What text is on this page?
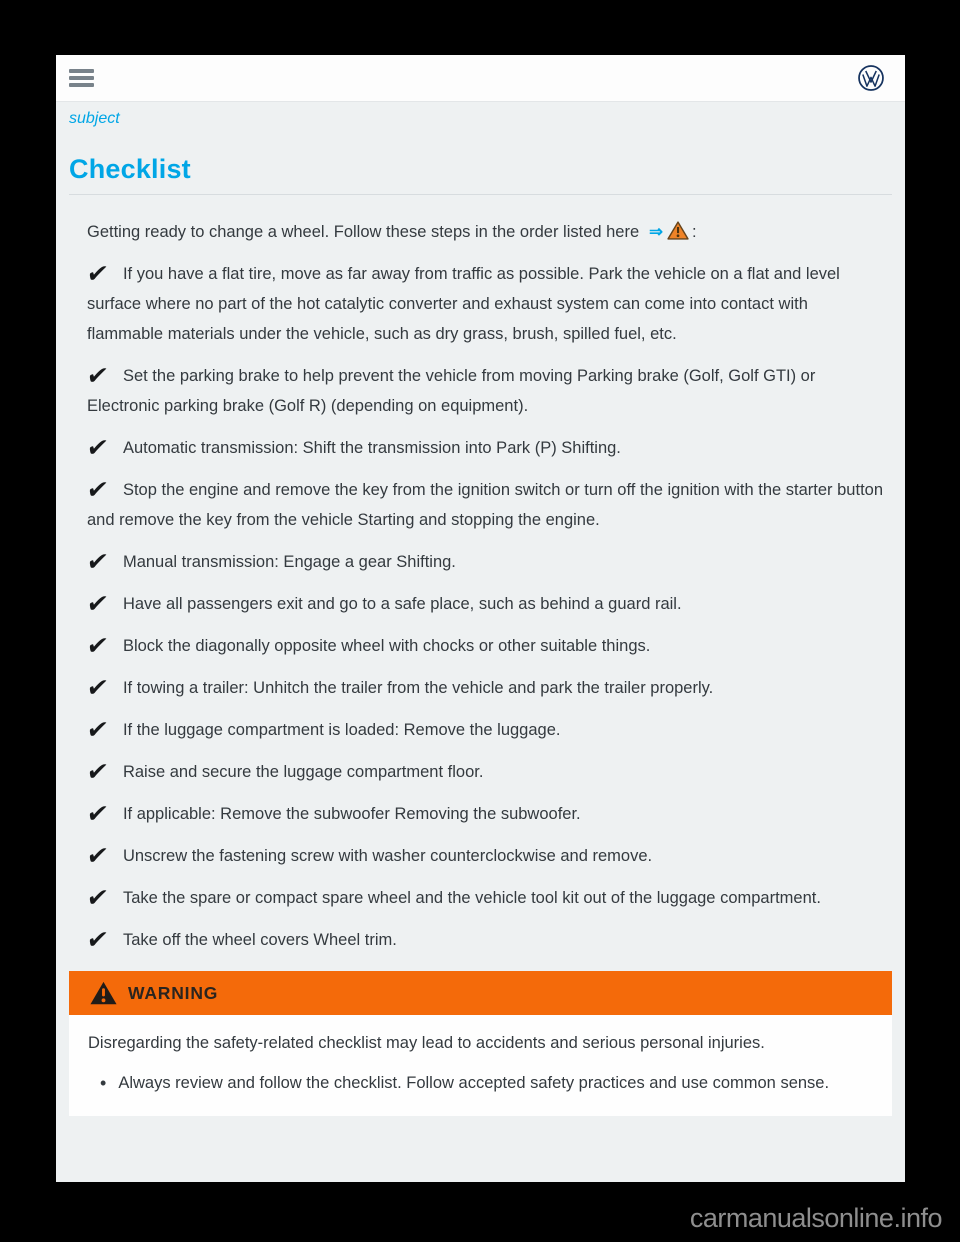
subject
Checklist

Getting ready to change a wheel. Follow these steps in the order listed here ⇒ :

✔ If you have a flat tire, move as far away from traffic as possible. Park the vehicle on a flat and level surface where no part of the hot catalytic converter and exhaust system can come into contact with flammable materials under the vehicle, such as dry grass, brush, spilled fuel, etc.

✔ Set the parking brake to help prevent the vehicle from moving Parking brake (Golf, Golf GTI) or Electronic parking brake (Golf R) (depending on equipment).

✔ Automatic transmission: Shift the transmission into Park (P) Shifting.

✔ Stop the engine and remove the key from the ignition switch or turn off the ignition with the starter button and remove the key from the vehicle Starting and stopping the engine.

✔ Manual transmission: Engage a gear Shifting.

✔ Have all passengers exit and go to a safe place, such as behind a guard rail.

✔ Block the diagonally opposite wheel with chocks or other suitable things.

✔ If towing a trailer: Unhitch the trailer from the vehicle and park the trailer properly.

✔ If the luggage compartment is loaded: Remove the luggage.

✔ Raise and secure the luggage compartment floor.

✔ If applicable: Remove the subwoofer Removing the subwoofer.

✔ Unscrew the fastening screw with washer counterclockwise and remove.

✔ Take the spare or compact spare wheel and the vehicle tool kit out of the luggage compartment.

✔ Take off the wheel covers Wheel trim.

WARNING

Disregarding the safety-related checklist may lead to accidents and serious personal injuries.

• Always review and follow the checklist. Follow accepted safety practices and use common sense.

carmanualsonline.info
